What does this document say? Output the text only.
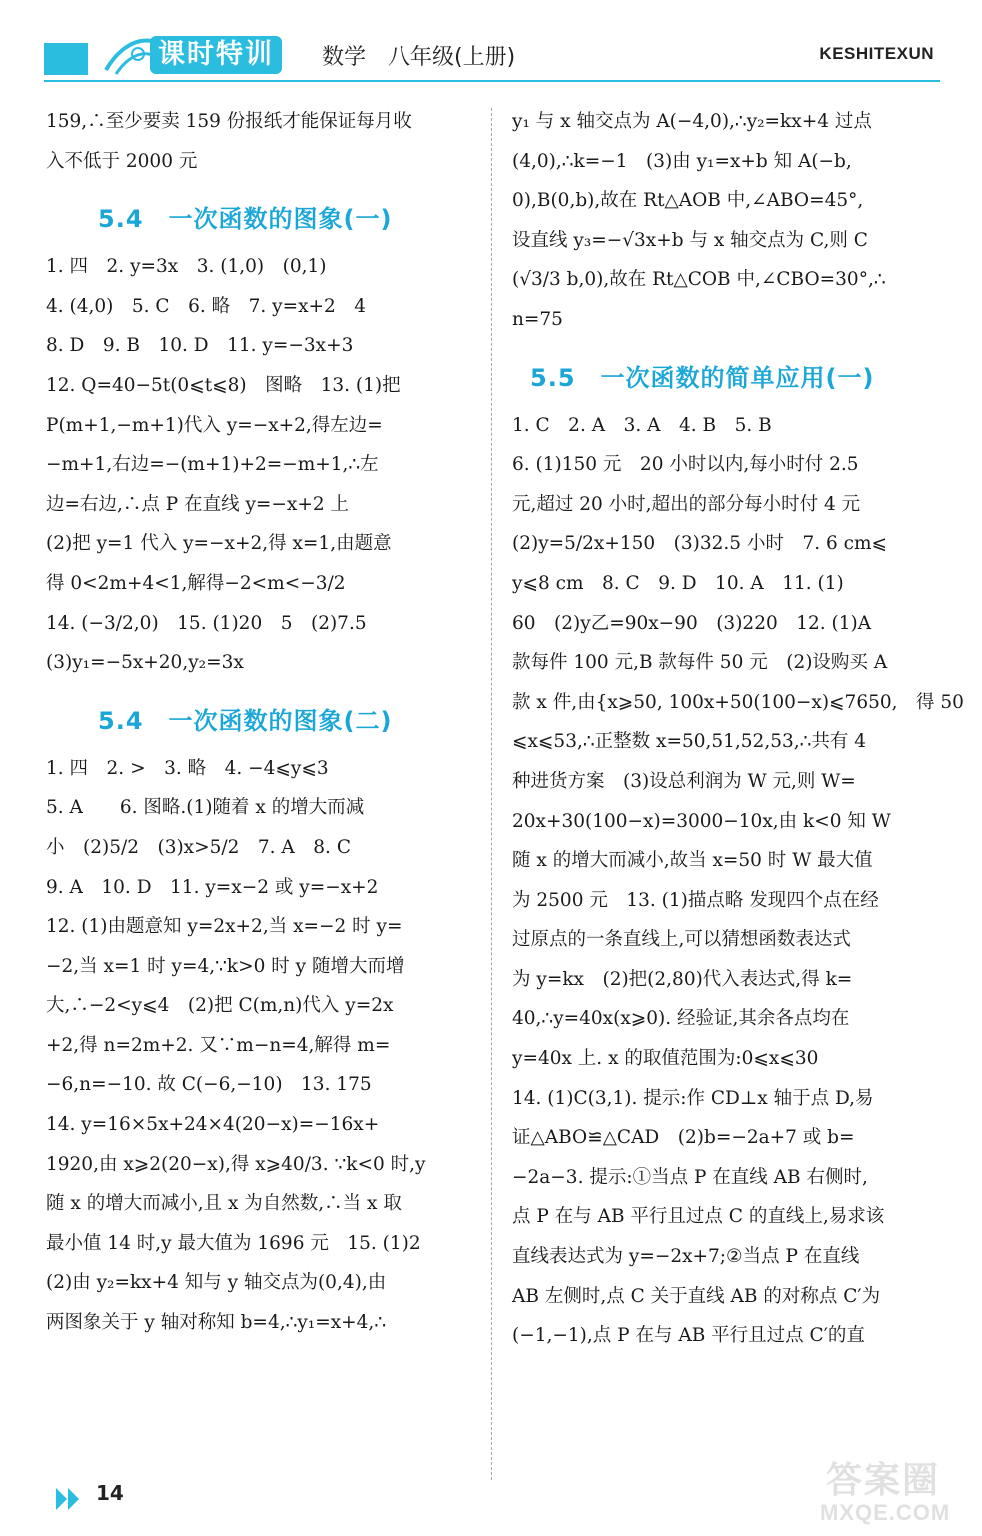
课时特训	数学　八年级(上册)	KESHITEXUN
159,∴至少要卖 159 份报纸才能保证每月收
入不低于 2000 元
5.4　一次函数的图象(一)
1. 四　2. y=3x　3. (1,0)　(0,1)
4. (4,0)　5. C　6. 略　7. y=x+2　4
8. D　9. B　10. D　11. y=−3x+3
12. Q=40−5t(0⩽t⩽8)　图略　13. (1)把
P(m+1,−m+1)代入 y=−x+2,得左边=
−m+1,右边=−(m+1)+2=−m+1,∴左
边=右边,∴点 P 在直线 y=−x+2 上
(2)把 y=1 代入 y=−x+2,得 x=1,由题意
得 0<2m+4<1,解得−2<m<−3/2
14. (−3/2,0)　15. (1)20　5　(2)7.5
(3)y₁=−5x+20,y₂=3x
5.4　一次函数的图象(二)
1. 四　2. >　3. 略　4. −4⩽y⩽3
5. A　　6. 图略.(1)随着 x 的增大而减
小　(2)5/2　(3)x>5/2　7. A　8. C
9. A　10. D　11. y=x−2 或 y=−x+2
12. (1)由题意知 y=2x+2,当 x=−2 时 y=
−2,当 x=1 时 y=4,∵k>0 时 y 随增大而增
大,∴−2<y⩽4　(2)把 C(m,n)代入 y=2x
+2,得 n=2m+2. 又∵m−n=4,解得 m=
−6,n=−10. 故 C(−6,−10)　13. 175
14. y=16×5x+24×4(20−x)=−16x+
1920,由 x⩾2(20−x),得 x⩾40/3. ∵k<0 时,y
随 x 的增大而减小,且 x 为自然数,∴当 x 取
最小值 14 时,y 最大值为 1696 元　15. (1)2
(2)由 y₂=kx+4 知与 y 轴交点为(0,4),由
两图象关于 y 轴对称知 b=4,∴y₁=x+4,∴
y₁ 与 x 轴交点为 A(−4,0),∴y₂=kx+4 过点
(4,0),∴k=−1　(3)由 y₁=x+b 知 A(−b,
0),B(0,b),故在 Rt△AOB 中,∠ABO=45°,
设直线 y₃=−√3x+b 与 x 轴交点为 C,则 C
(√3/3 b,0),故在 Rt△COB 中,∠CBO=30°,∴
n=75
5.5　一次函数的简单应用(一)
1. C　2. A　3. A　4. B　5. B
6. (1)150 元　20 小时以内,每小时付 2.5
元,超过 20 小时,超出的部分每小时付 4 元
(2)y=5/2x+150　(3)32.5 小时　7. 6 cm⩽
y⩽8 cm　8. C　9. D　10. A　11. (1)
60　(2)y乙=90x−90　(3)220　12. (1)A
款每件 100 元,B 款每件 50 元　(2)设购买 A
款 x 件,由{x⩾50, 100x+50(100−x)⩽7650,　得 50
⩽x⩽53,∴正整数 x=50,51,52,53,∴共有 4
种进货方案　(3)设总利润为 W 元,则 W=
20x+30(100−x)=3000−10x,由 k<0 知 W
随 x 的增大而减小,故当 x=50 时 W 最大值
为 2500 元　13. (1)描点略 发现四个点在经
过原点的一条直线上,可以猜想函数表达式
为 y=kx　(2)把(2,80)代入表达式,得 k=
40,∴y=40x(x⩾0). 经验证,其余各点均在
y=40x 上. x 的取值范围为:0⩽x⩽30
14. (1)C(3,1). 提示:作 CD⊥x 轴于点 D,易
证△ABO≌△CAD　(2)b=−2a+7 或 b=
−2a−3. 提示:①当点 P 在直线 AB 右侧时,
点 P 在与 AB 平行且过点 C 的直线上,易求该
直线表达式为 y=−2x+7;②当点 P 在直线
AB 左侧时,点 C 关于直线 AB 的对称点 C′为
(−1,−1),点 P 在与 AB 平行且过点 C′的直
14	答案圈
MXQE.COM
